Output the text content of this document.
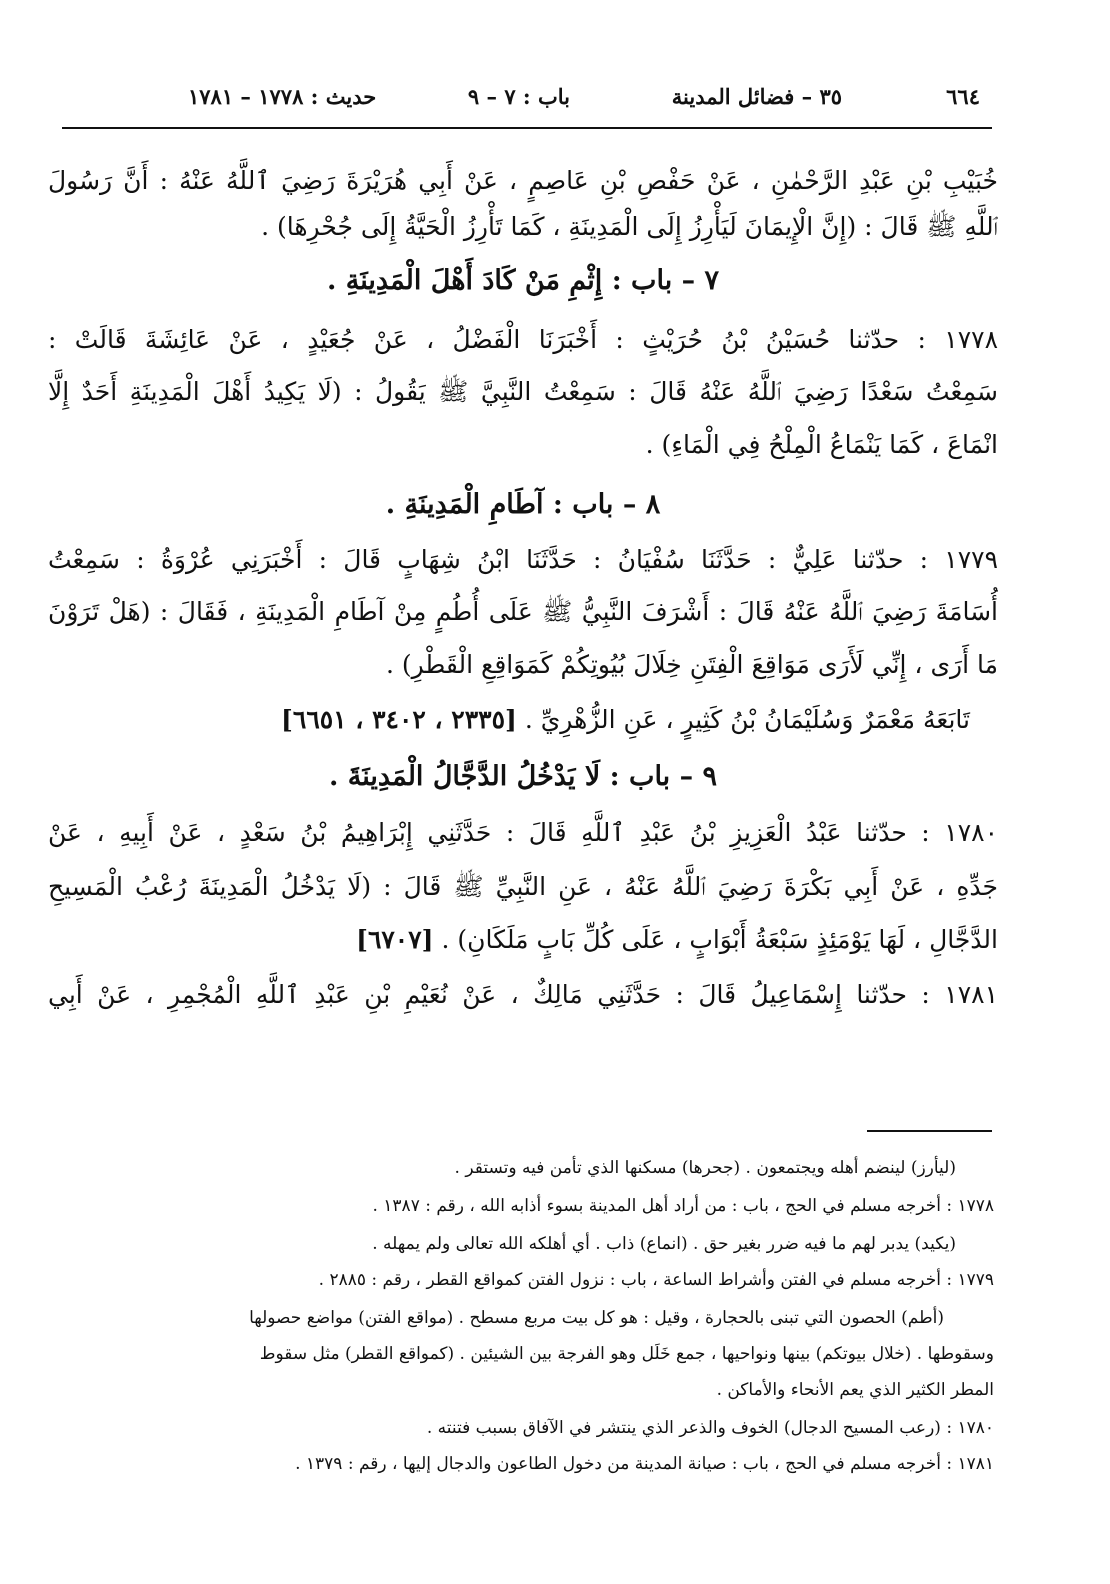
٦٦٤
٣٥ – فضائل المدينة
باب : ٧ – ٩
حديث : ١٧٧٨ – ١٧٨١
خُبَيْبِ بْنِ عَبْدِ الرَّحْمٰنِ ، عَنْ حَفْصِ بْنِ عَاصِمٍ ، عَنْ أَبِي هُرَيْرَةَ رَضِيَ ٱللَّهُ عَنْهُ : أَنَّ رَسُولَ
ٱللَّهِ ﷺ قَالَ : (إِنَّ الْإِيمَانَ لَيَأْرِزُ إِلَى الْمَدِينَةِ ، كَمَا تَأْرِزُ الْحَيَّةُ إِلَى جُحْرِهَا) .
٧ – باب : إِثْمِ مَنْ كَادَ أَهْلَ الْمَدِينَةِ .
١٧٧٨ : حدّثنا حُسَيْنُ بْنُ حُرَيْثٍ : أَخْبَرَنَا الْفَضْلُ ، عَنْ جُعَيْدٍ ، عَنْ عَائِشَةَ قَالَتْ :
سَمِعْتُ سَعْدًا رَضِيَ ٱللَّهُ عَنْهُ قَالَ : سَمِعْتُ النَّبِيَّ ﷺ يَقُولُ : (لَا يَكِيدُ أَهْلَ الْمَدِينَةِ أَحَدٌ إِلَّا
انْمَاعَ ، كَمَا يَنْمَاعُ الْمِلْحُ فِي الْمَاءِ) .
٨ – باب : آطَامِ الْمَدِينَةِ .
١٧٧٩ : حدّثنا عَلِيٌّ : حَدَّثَنَا سُفْيَانُ : حَدَّثَنَا ابْنُ شِهَابٍ قَالَ : أَخْبَرَنِي عُرْوَةُ : سَمِعْتُ
أُسَامَةَ رَضِيَ ٱللَّهُ عَنْهُ قَالَ : أَشْرَفَ النَّبِيُّ ﷺ عَلَى أُطُمٍ مِنْ آطَامِ الْمَدِينَةِ ، فَقَالَ : (هَلْ تَرَوْنَ
مَا أَرَى ، إِنِّي لَأَرَى مَوَاقِعَ الْفِتَنِ خِلَالَ بُيُوتِكُمْ كَمَوَاقِعِ الْقَطْرِ) .
تَابَعَهُ مَعْمَرٌ وَسُلَيْمَانُ بْنُ كَثِيرٍ ، عَنِ الزُّهْرِيِّ . [٢٣٣٥ ، ٣٤٠٢ ، ٦٦٥١]
٩ – باب : لَا يَدْخُلُ الدَّجَّالُ الْمَدِينَةَ .
١٧٨٠ : حدّثنا عَبْدُ الْعَزِيزِ بْنُ عَبْدِ ٱللَّهِ قَالَ : حَدَّثَنِي إِبْرَاهِيمُ بْنُ سَعْدٍ ، عَنْ أَبِيهِ ، عَنْ
جَدِّهِ ، عَنْ أَبِي بَكْرَةَ رَضِيَ ٱللَّهُ عَنْهُ ، عَنِ النَّبِيِّ ﷺ قَالَ : (لَا يَدْخُلُ الْمَدِينَةَ رُعْبُ الْمَسِيحِ
الدَّجَّالِ ، لَهَا يَوْمَئِذٍ سَبْعَةُ أَبْوَابٍ ، عَلَى كُلِّ بَابٍ مَلَكَانِ) . [٦٧٠٧]
١٧٨١ : حدّثنا إِسْمَاعِيلُ قَالَ : حَدَّثَنِي مَالِكٌ ، عَنْ نُعَيْمِ بْنِ عَبْدِ ٱللَّهِ الْمُجْمِرِ ، عَنْ أَبِي
(ليأرز) لينضم أهله ويجتمعون . (جحرها) مسكنها الذي تأمن فيه وتستقر .
١٧٧٨ : أخرجه مسلم في الحج ، باب : من أراد أهل المدينة بسوء أذابه الله ، رقم : ١٣٨٧ .
(يكيد) يدبر لهم ما فيه ضرر بغير حق . (انماع) ذاب . أي أهلكه الله تعالى ولم يمهله .
١٧٧٩ : أخرجه مسلم في الفتن وأشراط الساعة ، باب : نزول الفتن كمواقع القطر ، رقم : ٢٨٨٥ .
(أطم) الحصون التي تبنى بالحجارة ، وقيل : هو كل بيت مربع مسطح . (مواقع الفتن) مواضع حصولها
وسقوطها . (خلال بيوتكم) بينها ونواحيها ، جمع خَلَل وهو الفرجة بين الشيئين . (كمواقع القطر) مثل سقوط
المطر الكثير الذي يعم الأنحاء والأماكن .
١٧٨٠ : (رعب المسيح الدجال) الخوف والذعر الذي ينتشر في الآفاق بسبب فتنته .
١٧٨١ : أخرجه مسلم في الحج ، باب : صيانة المدينة من دخول الطاعون والدجال إليها ، رقم : ١٣٧٩ .
